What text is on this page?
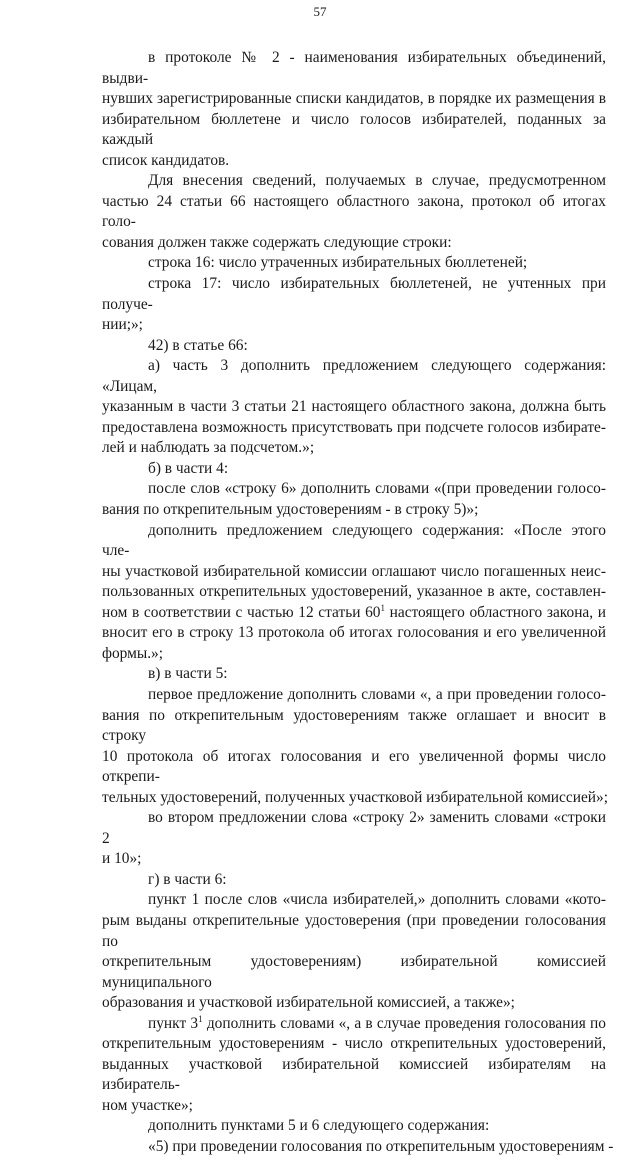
57

в протоколе № 2 - наименования избирательных объединений, выдви-

нувших зарегистрированные списки кандидатов, в порядке их размещения в

избирательном бюллетене и число голосов избирателей, поданных за каждый

список кандидатов.

Для внесения сведений, получаемых в случае, предусмотренном

частью 24 статьи 66 настоящего областного закона, протокол об итогах голо-

сования должен также содержать следующие строки:

строка 16: число утраченных избирательных бюллетеней;

строка 17: число избирательных бюллетеней, не учтенных при получе-

нии;»;

42) в статье 66:

а) часть 3 дополнить предложением следующего содержания: «Лицам,

указанным в части 3 статьи 21 настоящего областного закона, должна быть

предоставлена возможность присутствовать при подсчете голосов избирате-

лей и наблюдать за подсчетом.»;

б) в части 4:

после слов «строку 6» дополнить словами «(при проведении голосо-

вания по открепительным удостоверениям - в строку 5)»;

дополнить предложением следующего содержания: «После этого чле-

ны участковой избирательной комиссии оглашают число погашенных неис-

пользованных открепительных удостоверений, указанное в акте, составлен-

ном в соответствии с частью 12 статьи $60^1$ настоящего областного закона, и

вносит его в строку 13 протокола об итогах голосования и его увеличенной

формы.»;

в) в части 5:

первое предложение дополнить словами «, а при проведении голосо-

вания по открепительным удостоверениям также оглашает и вносит в строку

10 протокола об итогах голосования и его увеличенной формы число открепи-

тельных удостоверений, полученных участковой избирательной комиссией»;

во втором предложении слова «строку 2» заменить словами «строки 2

и 10»;

г) в части 6:

пункт 1 после слов «числа избирателей,» дополнить словами «кото-

рым выданы открепительные удостоверения (при проведении голосования по

открепительным удостоверениям) избирательной комиссией муниципального

образования и участковой избирательной комиссией, а также»;

пункт $3^1$ дополнить словами «, а в случае проведения голосования по

открепительным удостоверениям - число открепительных удостоверений,

выданных участковой избирательной комиссией избирателям на избиратель-

ном участке»;

дополнить пунктами 5 и 6 следующего содержания:

«5) при проведении голосования по открепительным удостоверениям -
